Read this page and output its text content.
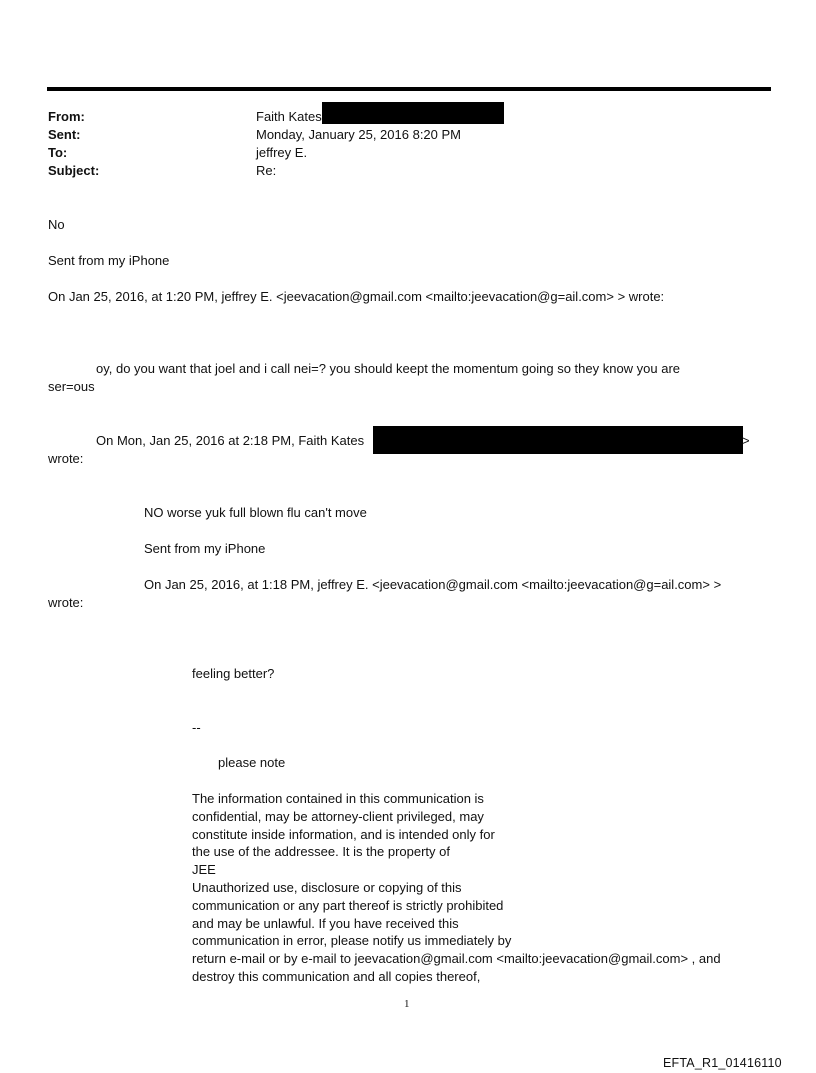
From:	Faith Kates
Sent:	Monday, January 25, 2016 8:20 PM
To:	jeffrey E.
Subject:	Re:
No
Sent from my iPhone
On Jan 25, 2016, at 1:20 PM, jeffrey E. <jeevacation@gmail.com <mailto:jeevacation@g=ail.com> > wrote:
oy, do you want that joel and i call nei=? you should keept the momentum going so they know you are
ser=ous
On Mon, Jan 25, 2016 at 2:18 PM, Faith Kates	>
wrote:
NO worse yuk full blown flu can't move
Sent from my iPhone
On Jan 25, 2016, at 1:18 PM, jeffrey E. <jeevacation@gmail.com <mailto:jeevacation@g=ail.com> >
wrote:
feeling better?
--
please note
The information contained in this communication is
confidential, may be attorney-client privileged, may
constitute inside information, and is intended only for
the use of the addressee. It is the property of
JEE
Unauthorized use, disclosure or copying of this
communication or any part thereof is strictly prohibited
and may be unlawful. If you have received this
communication in error, please notify us immediately by
return e-mail or by e-mail to jeevacation@gmail.com <mailto:jeevacation@gmail.com> , and
destroy this communication and all copies thereof,
1
EFTA_R1_01416110
